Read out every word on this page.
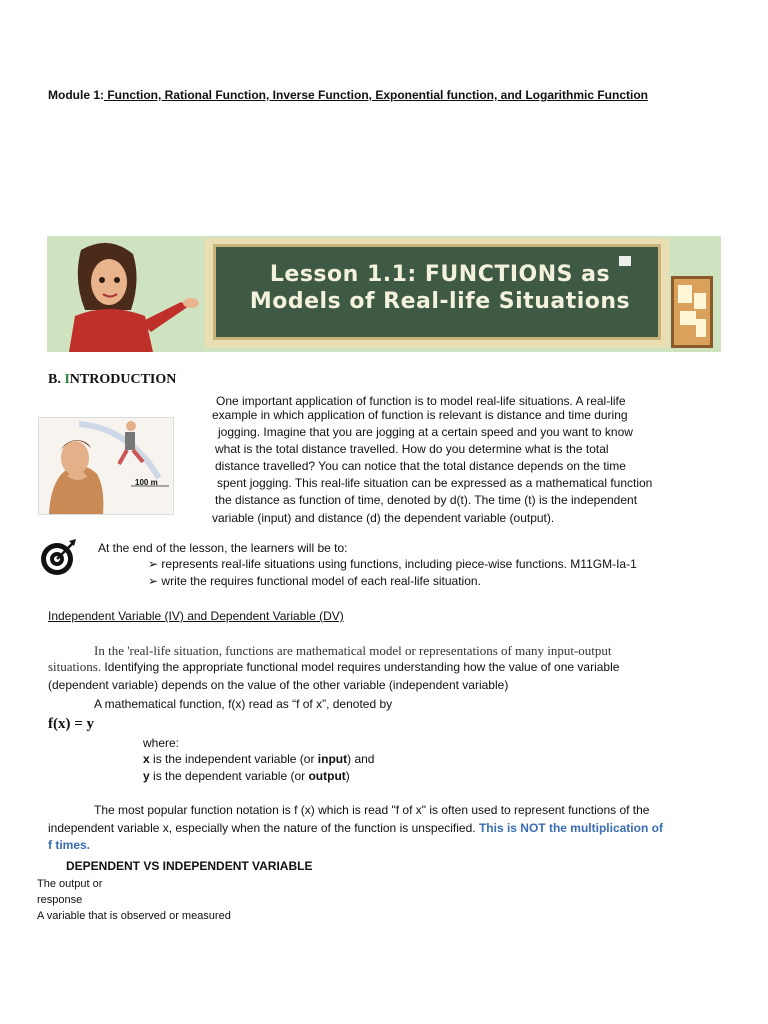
Module 1: Function, Rational Function, Inverse Function, Exponential function, and Logarithmic Function
Lesson 1.1: FUNCTIONS as
Models of Real-life Situations
B. INTRODUCTION
100 m
One important application of function is to model real-life situations. A real-life
example in which application of function is relevant is distance and time during
jogging. Imagine that you are jogging at a certain speed and you want to know
what is the total distance travelled. How do you determine what is the total
distance travelled? You can notice that the total distance depends on the time
spent jogging. This real-life situation can be expressed as a mathematical function
the distance as function of time, denoted by d(t). The time (t) is the independent
variable (input) and distance (d) the dependent variable (output).
At the end of the lesson, the learners will be to:
➢ represents real-life situations using functions, including piece-wise functions. M11GM-Ia-1
➢ write the requires functional model of each real-life situation.
Independent Variable (IV) and Dependent Variable (DV)
In the 'real-life situation, functions are mathematical model or representations of many input-output
situations. Identifying the appropriate functional model requires understanding how the value of one variable
(dependent variable) depends on the value of the other variable (independent variable)
A mathematical function, f(x) read as “f of x”, denoted by
f(x) = y
where:
x is the independent variable (or input) and
y is the dependent variable (or output)
The most popular function notation is f (x) which is read "f of x" is often used to represent functions of the
independent variable x, especially when the nature of the function is unspecified. This is NOT the multiplication of
f times.
DEPENDENT VS INDEPENDENT VARIABLE
The output or
response
A variable that is observed or measured
